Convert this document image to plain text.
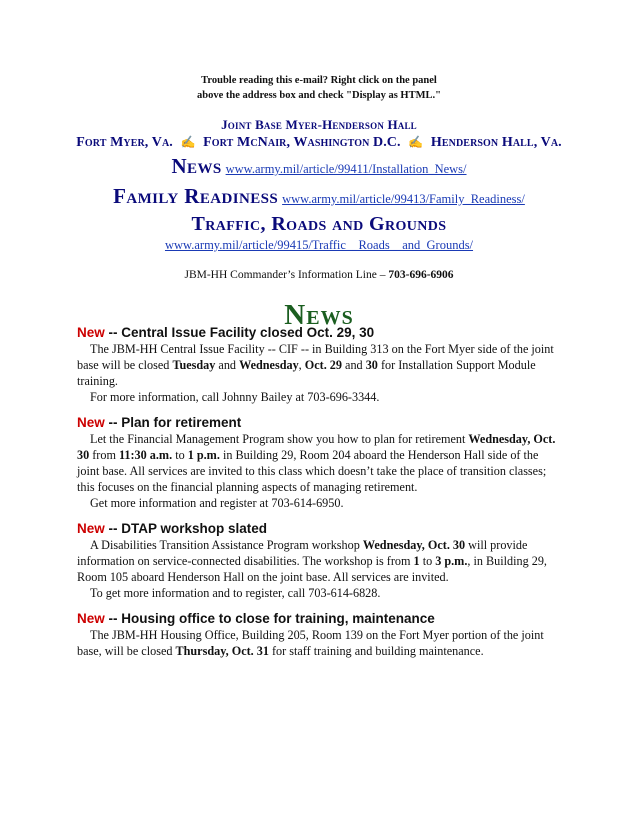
Trouble reading this e-mail? Right click on the panel
above the address box and check "Display as HTML."
Joint Base Myer-Henderson Hall
Fort Myer, Va. ✍ Fort McNair, Washington D.C. ✍ Henderson Hall, Va.
News www.army.mil/article/99411/Installation_News/
Family Readiness www.army.mil/article/99413/Family_Readiness/
Traffic, Roads and Grounds
www.army.mil/article/99415/Traffic__Roads__and_Grounds/
JBM-HH Commander’s Information Line – 703-696-6906
News
New -- Central Issue Facility closed Oct. 29, 30

The JBM-HH Central Issue Facility -- CIF -- in Building 313 on the Fort Myer side of the joint base will be closed Tuesday and Wednesday, Oct. 29 and 30 for Installation Support Module training.

For more information, call Johnny Bailey at 703-696-3344.

New -- Plan for retirement

Let the Financial Management Program show you how to plan for retirement Wednesday, Oct. 30 from 11:30 a.m. to 1 p.m. in Building 29, Room 204 aboard the Henderson Hall side of the joint base. All services are invited to this class which doesn’t take the place of transition classes; this focuses on the financial planning aspects of managing retirement.

Get more information and register at 703-614-6950.

New -- DTAP workshop slated

A Disabilities Transition Assistance Program workshop Wednesday, Oct. 30 will provide information on service-connected disabilities. The workshop is from 1 to 3 p.m., in Building 29, Room 105 aboard Henderson Hall on the joint base. All services are invited.

To get more information and to register, call 703-614-6828.

New -- Housing office to close for training, maintenance

The JBM-HH Housing Office, Building 205, Room 139 on the Fort Myer portion of the joint base, will be closed Thursday, Oct. 31 for staff training and building maintenance.
